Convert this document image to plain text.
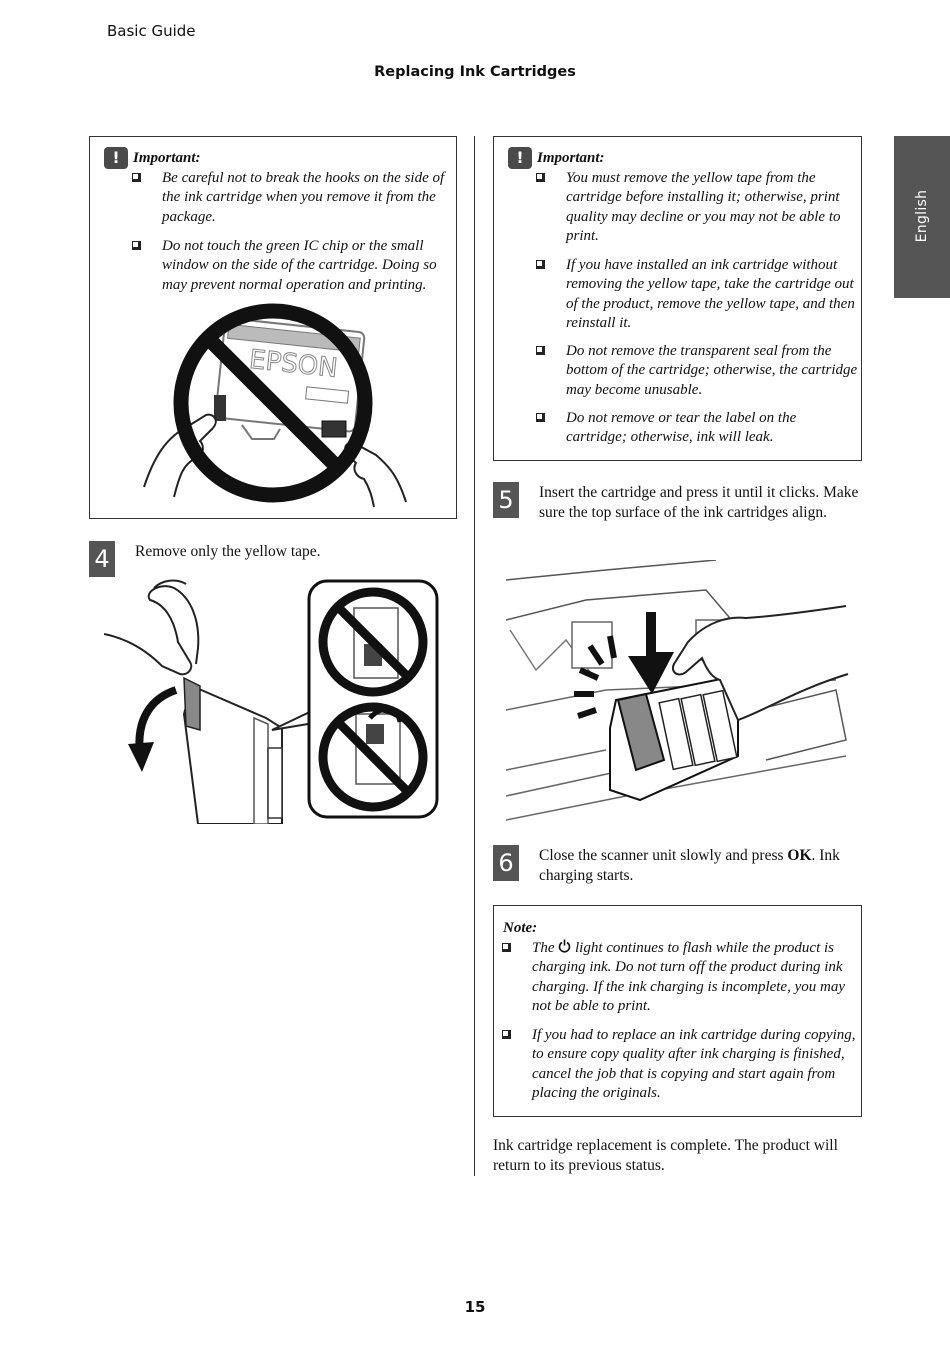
Basic Guide
Replacing Ink Cartridges
English
! Important:
Be careful not to break the hooks on the side of the ink cartridge when you remove it from the package.
Do not touch the green IC chip or the small window on the side of the cartridge. Doing so may prevent normal operation and printing.
EPSON
4	Remove only the yellow tape.
! Important:
You must remove the yellow tape from the cartridge before installing it; otherwise, print quality may decline or you may not be able to print.
If you have installed an ink cartridge without removing the yellow tape, take the cartridge out of the product, remove the yellow tape, and then reinstall it.
Do not remove the transparent seal from the bottom of the cartridge; otherwise, the cartridge may become unusable.
Do not remove or tear the label on the cartridge; otherwise, ink will leak.
5	Insert the cartridge and press it until it clicks. Make sure the top surface of the ink cartridges align.
6	Close the scanner unit slowly and press OK. Ink charging starts.
Note:
The  light continues to flash while the product is charging ink. Do not turn off the product during ink charging. If the ink charging is incomplete, you may not be able to print.
If you had to replace an ink cartridge during copying, to ensure copy quality after ink charging is finished, cancel the job that is copying and start again from placing the originals.
Ink cartridge replacement is complete. The product will return to its previous status.
15
